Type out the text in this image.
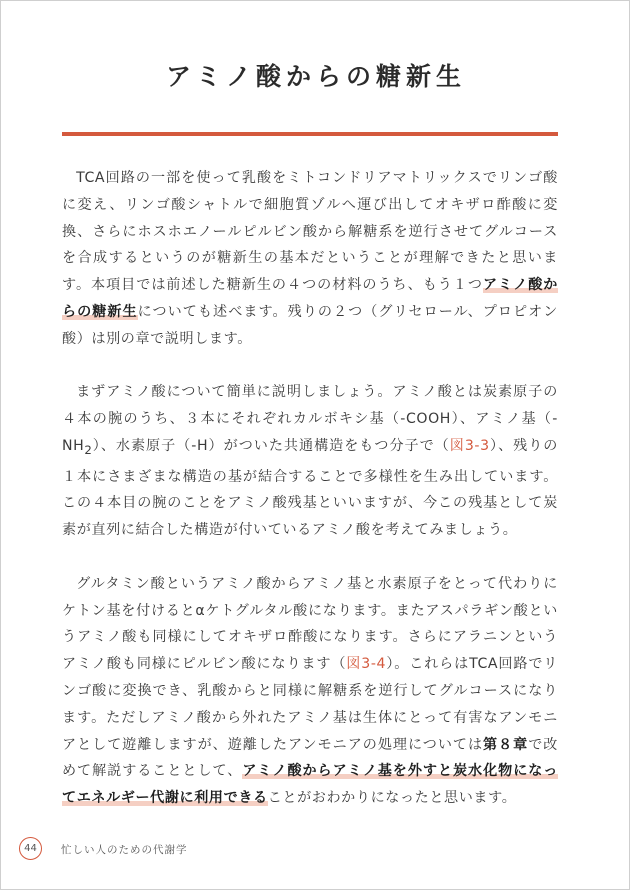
アミノ酸からの糖新生

TCA回路の一部を使って乳酸をミトコンドリアマトリックスでリンゴ酸に変え、リンゴ酸シャトルで細胞質ゾルへ運び出してオキザロ酢酸に変換、さらにホスホエノールピルビン酸から解糖系を逆行させてグルコースを合成するというのが糖新生の基本だということが理解できたと思います。本項目では前述した糖新生の４つの材料のうち、もう１つアミノ酸からの糖新生についても述べます。残りの２つ（グリセロール、プロピオン酸）は別の章で説明します。

まずアミノ酸について簡単に説明しましょう。アミノ酸とは炭素原子の４本の腕のうち、３本にそれぞれカルボキシ基（-COOH）、アミノ基$(-NH_2)$、水素原子（-H）がついた共通構造をもつ分子で（図3-3）、残りの１本にさまざまな構造の基が結合することで多様性を生み出しています。この４本目の腕のことをアミノ酸残基といいますが、今この残基として炭素が直列に結合した構造が付いているアミノ酸を考えてみましょう。

グルタミン酸というアミノ酸からアミノ基と水素原子をとって代わりにケトン基を付けるとαケトグルタル酸になります。またアスパラギン酸というアミノ酸も同様にしてオキザロ酢酸になります。さらにアラニンというアミノ酸も同様にピルビン酸になります（図3-4）。これらはTCA回路でリンゴ酸に変換でき、乳酸からと同様に解糖系を逆行してグルコースになります。ただしアミノ酸から外れたアミノ基は生体にとって有害なアンモニアとして遊離しますが、遊離したアンモニアの処理については第８章で改めて解説することとして、アミノ酸からアミノ基を外すと炭水化物になってエネルギー代謝に利用できることがおわかりになったと思います。

44	忙しい人のための代謝学
